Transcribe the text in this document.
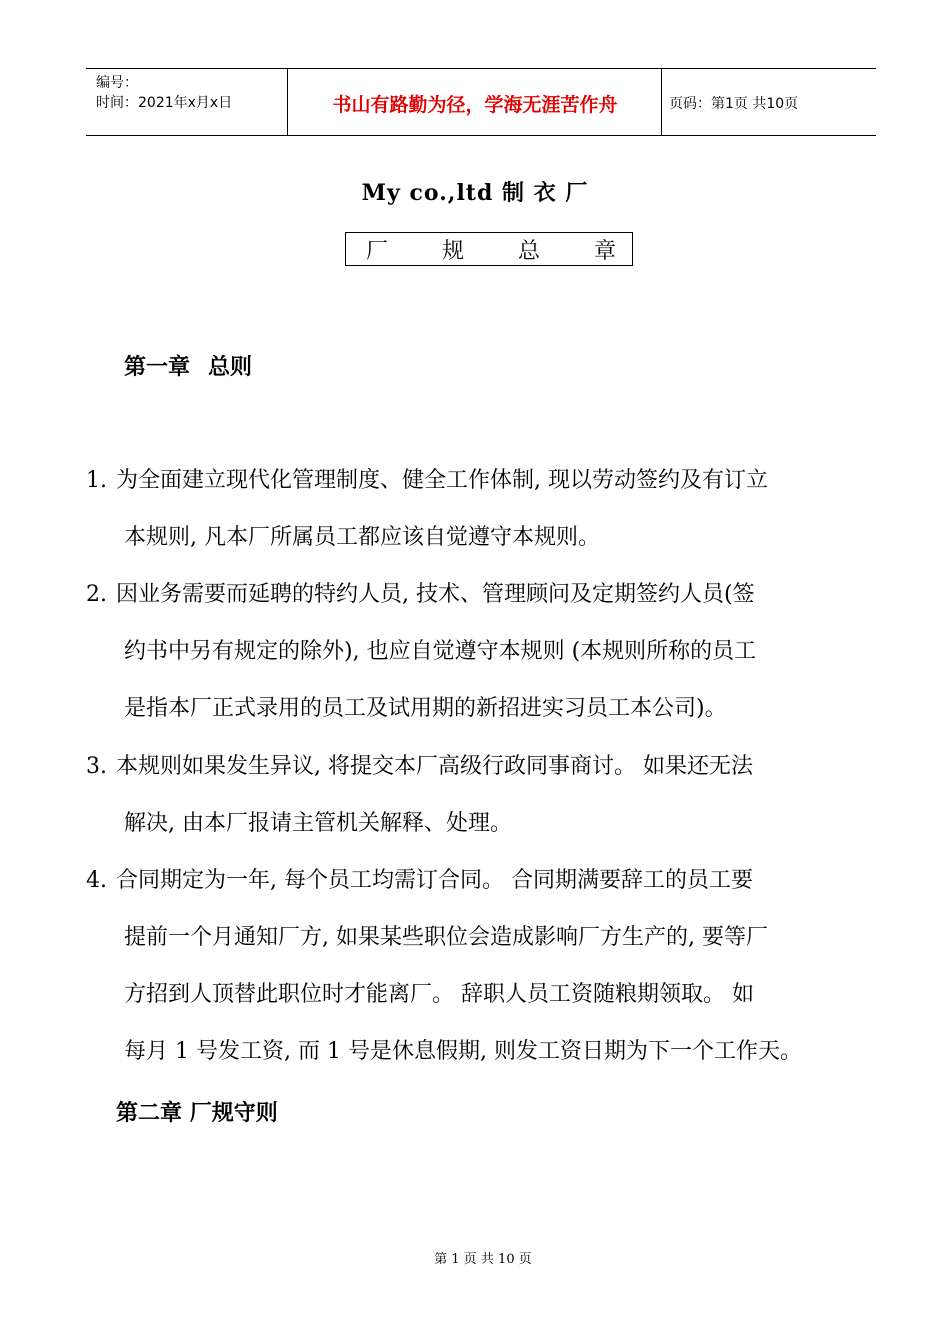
编号：
时间：2021年x月x日	书山有路勤为径，学海无涯苦作舟	页码：第1页 共10页
My co.,ltd 制 衣 厂
厂 规 总 章
第一章 总则
1. 为全面建立现代化管理制度、健全工作体制, 现以劳动签约及有订立
本规则, 凡本厂所属员工都应该自觉遵守本规则。
2. 因业务需要而延聘的特约人员, 技术、管理顾问及定期签约人员(签
约书中另有规定的除外), 也应自觉遵守本规则 (本规则所称的员工
是指本厂正式录用的员工及试用期的新招进实习员工本公司)。
3. 本规则如果发生异议, 将提交本厂高级行政同事商讨。 如果还无法
解决, 由本厂报请主管机关解释、处理。
4. 合同期定为一年, 每个员工均需订合同。 合同期满要辞工的员工要
提前一个月通知厂方, 如果某些职位会造成影响厂方生产的, 要等厂
方招到人顶替此职位时才能离厂。 辞职人员工资随粮期领取。 如
每月 1 号发工资, 而 1 号是休息假期, 则发工资日期为下一个工作天。
第二章 厂规守则
第 1 页 共 10 页
